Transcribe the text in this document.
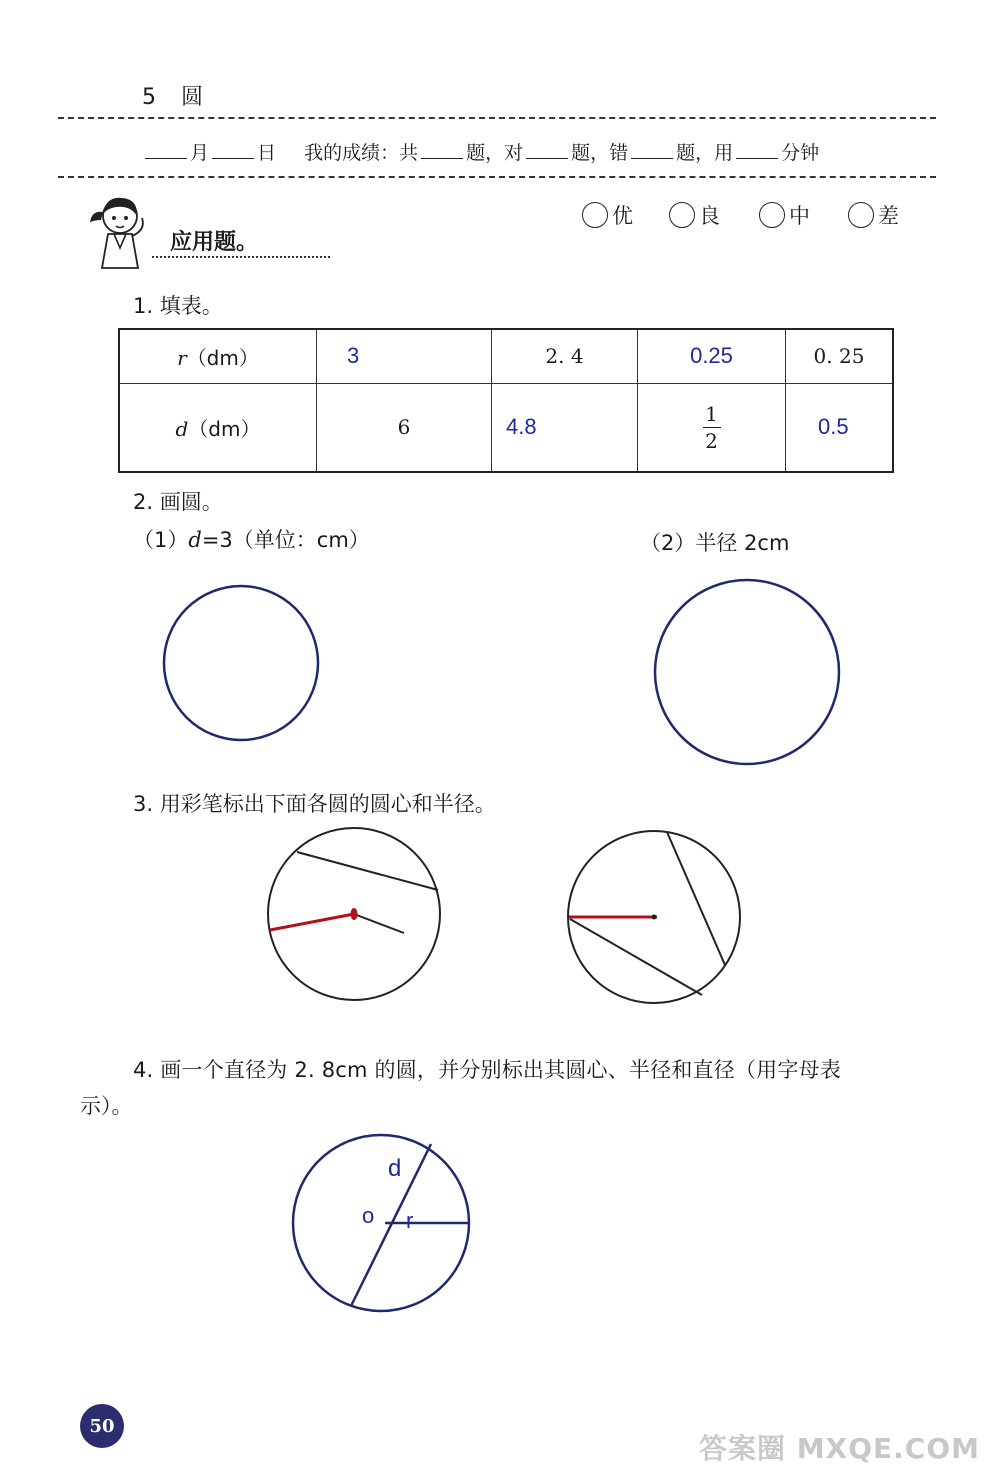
5 圆
月	日 我的成绩：共	题，对	题，错	题，用	分钟
应用题。
优	良	中	差
1. 填表。
r（dm）	3	2. 4	0.25	0. 25
d（dm）	6	4.8	$\frac{1}{2}$	0.5
2. 画圆。
（1）d=3（单位：cm）	（2）半径 2cm
3. 用彩笔标出下面各圆的圆心和半径。
4. 画一个直径为 2. 8cm 的圆，并分别标出其圆心、半径和直径（用字母表
示）。
d
o r
50
答案圈 MXQE.COM
